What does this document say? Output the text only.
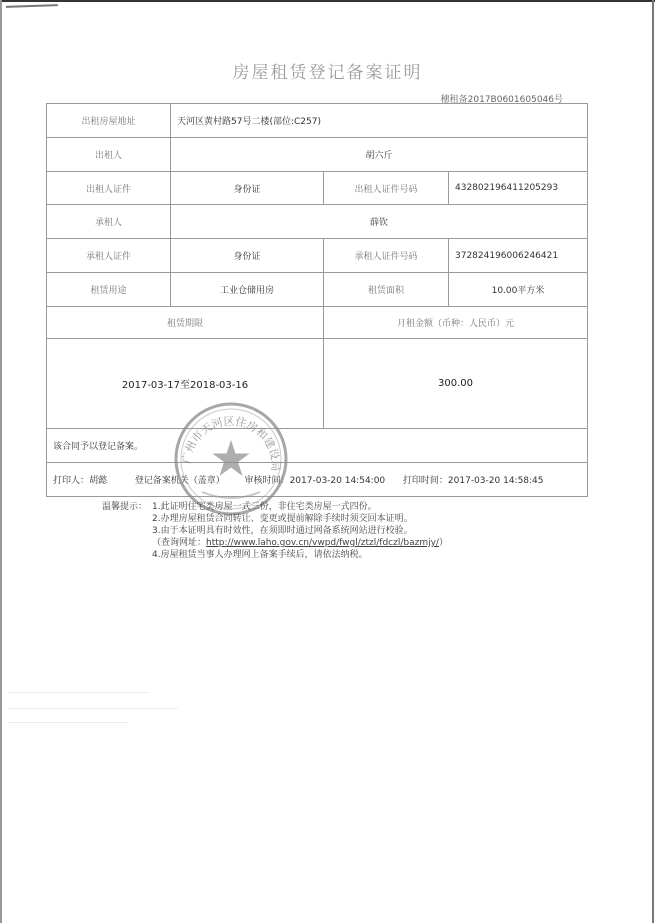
房屋租赁登记备案证明
穗租备2017B0601605046号
出租房屋地址	天河区黄村路57号二楼(部位:C257)		
出租人	胡六斤		
出租人证件	身份证	出租人证件号码	432802196411205293
承租人	薛钦		
承租人证件	身份证	承租人证件号码	372824196006246421
租赁用途	工业仓储用房	租赁面积	10.00平方米
租赁期限		月租金额（币种：人民币）元	
2017-03-17至2018-03-16		300.00	
该合同予以登记备案。			
打印人：胡懿 登记备案机关（盖章） 审核时间：2017-03-20 14:54:00 打印时间：2017-03-20 14:58:45			
广州市天河区住房和建设局
温馨提示： 1.此证明住宅类房屋一式三份，非住宅类房屋一式四份。
2.办理房屋租赁合同转让、变更或提前解除手续时须交回本证明。
3.由于本证明具有时效性，在须即时通过网备系统网站进行校验。
（查询网址：http://www.laho.gov.cn/vwpd/fwgl/ztzl/fdczl/bazmjy/）
4.房屋租赁当事人办理网上备案手续后，请依法纳税。
